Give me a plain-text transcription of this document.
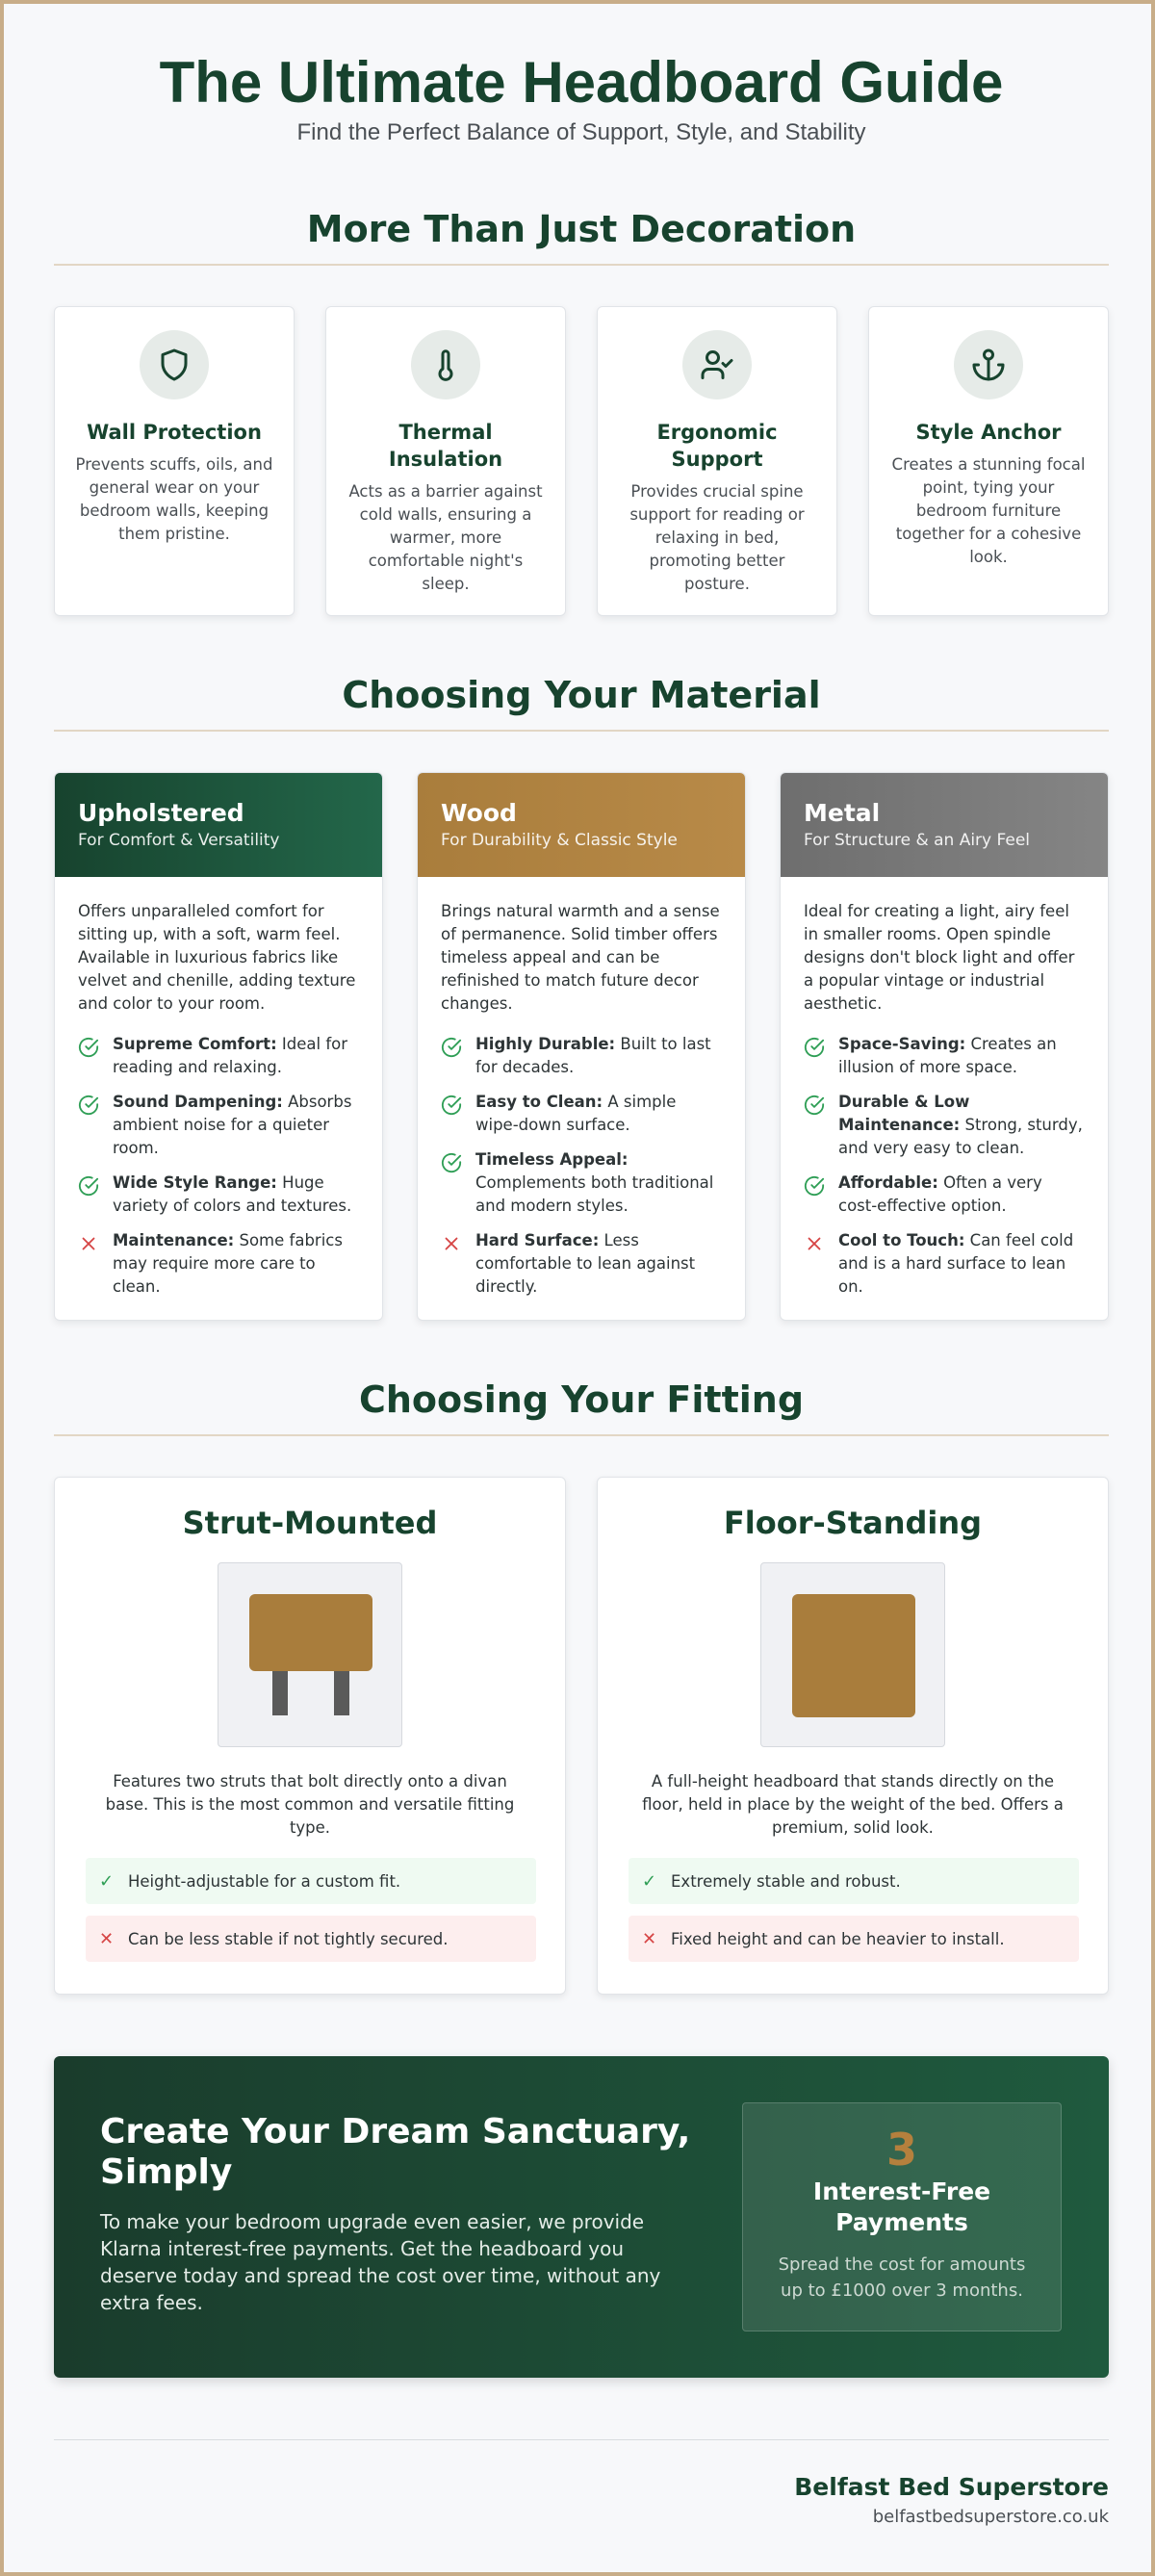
The Ultimate Headboard Guide
Find the Perfect Balance of Support, Style, and Stability
More Than Just Decoration
Wall Protection
Prevents scuffs, oils, and general wear on your bedroom walls, keeping them pristine.
Thermal Insulation
Acts as a barrier against cold walls, ensuring a warmer, more comfortable night's sleep.
Ergonomic Support
Provides crucial spine support for reading or relaxing in bed, promoting better posture.
Style Anchor
Creates a stunning focal point, tying your bedroom furniture together for a cohesive look.
Choosing Your Material
Upholstered
For Comfort & Versatility
Offers unparalleled comfort for sitting up, with a soft, warm feel. Available in luxurious fabrics like velvet and chenille, adding texture and color to your room.
Supreme Comfort: Ideal for reading and relaxing.
Sound Dampening: Absorbs ambient noise for a quieter room.
Wide Style Range: Huge variety of colors and textures.
Maintenance: Some fabrics may require more care to clean.
Wood
For Durability & Classic Style
Brings natural warmth and a sense of permanence. Solid timber offers timeless appeal and can be refinished to match future decor changes.
Highly Durable: Built to last for decades.
Easy to Clean: A simple wipe-down surface.
Timeless Appeal: Complements both traditional and modern styles.
Hard Surface: Less comfortable to lean against directly.
Metal
For Structure & an Airy Feel
Ideal for creating a light, airy feel in smaller rooms. Open spindle designs don't block light and offer a popular vintage or industrial aesthetic.
Space-Saving: Creates an illusion of more space.
Durable & Low Maintenance: Strong, sturdy, and very easy to clean.
Affordable: Often a very cost-effective option.
Cool to Touch: Can feel cold and is a hard surface to lean on.
Choosing Your Fitting
Strut-Mounted
Features two struts that bolt directly onto a divan base. This is the most common and versatile fitting type.
✓ Height-adjustable for a custom fit.
✕ Can be less stable if not tightly secured.
Floor-Standing
A full-height headboard that stands directly on the floor, held in place by the weight of the bed. Offers a premium, solid look.
✓ Extremely stable and robust.
✕ Fixed height and can be heavier to install.
Create Your Dream Sanctuary, Simply
To make your bedroom upgrade even easier, we provide Klarna interest-free payments. Get the headboard you deserve today and spread the cost over time, without any extra fees.
3
Interest-Free Payments
Spread the cost for amounts up to £1000 over 3 months.
Belfast Bed Superstore
belfastbedsuperstore.co.uk
